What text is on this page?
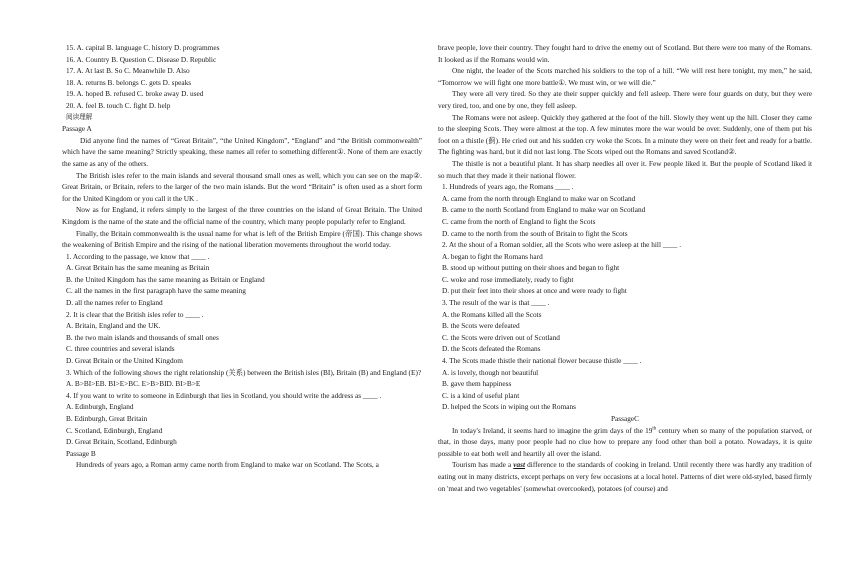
15. A. capital B. language C. history D. programmes

16. A. Country B. Question C. Disease D. Republic

17. A. At last B. So C. Meanwhile D. Also

18. A. returns B. belongs C. gets D. speaks

19. A. hoped B. refused C. broke away D. used

20. A. feel B. touch C. fight D. help

阅读理解

Passage A

Did anyone find the names of “Great Britain”, “the United Kingdom”, “England” and “the British commonwealth” which have the same meaning? Strictly speaking, these names all refer to something different①. None of them are exactly the same as any of the others.

The British isles refer to the main islands and several thousand small ones as well, which you can see on the map②. Great Britain, or Britain, refers to the larger of the two main islands. But the word “Britain” is often used as a short form for the United Kingdom or you call it the UK .

Now as for England, it refers simply to the largest of the three countries on the island of Great Britain. The United Kingdom is the name of the state and the official name of the country, which many people popularly refer to England.

Finally, the Britain commonwealth is the usual name for what is left of the British Empire (帝国). This change shows the weakening of British Empire and the rising of the national liberation movements throughout the world today.

1. According to the passage, we know that ____ .

A. Great Britain has the same meaning as Britain

B. the United Kingdom has the same meaning as Britain or England

C. all the names in the first paragraph have the same meaning

D. all the names refer to England

2. It is clear that the British isles refer to ____ .

A. Britain, England and the UK.

B. the two main islands and thousands of small ones

C. three countries and several islands

D. Great Britain or the United Kingdom

3. Which of the following shows the right relationship (关系) between the British isles (BI), Britain (B) and England (E)?

A. B>BI>EB. BI>E>BC. E>B>BID. BI>B>E

4. If you want to write to someone in Edinburgh that lies in Scotland, you should write the address as ____ .

A. Edinburgh, England

B. Edinburgh, Great Britain

C. Scotland, Edinburgh, England

D. Great Britain, Scotland, Edinburgh

Passage B

Hundreds of years ago, a Roman army came north from England to make war on Scotland. The Scots, a

brave people, love their country. They fought hard to drive the enemy out of Scotland. But there were too many of the Romans. It looked as if the Romans would win.

One night, the leader of the Scots marched his soldiers to the top of a hill. “We will rest here tonight, my men,” he said, “Tomorrow we will fight one more battle①. We must win, or we will die.”

They were all very tired. So they ate their supper quickly and fell asleep. There were four guards on duty, but they were very tired, too, and one by one, they fell asleep.

The Romans were not asleep. Quickly they gathered at the foot of the hill. Slowly they went up the hill. Closer they came to the sleeping Scots. They were almost at the top. A few minutes more the war would be over. Suddenly, one of them put his foot on a thistle (蓟). He cried out and his sudden cry woke the Scots. In a minute they were on their feet and ready for a battle. The fighting was hard, but it did not last long. The Scots wiped out the Romans and saved Scotland②.

The thistle is not a beautiful plant. It has sharp needles all over it. Few people liked it. But the people of Scotland liked it so much that they made it their national flower.

1. Hundreds of years ago, the Romans ____ .

A. came from the north through England to make war on Scotland

B. came to the north Scotland from England to make war on Scotland

C. came from the north of England to fight the Scots

D. came to the north from the south of Britain to fight the Scots

2. At the shout of a Roman soldier, all the Scots who were asleep at the hill ____ .

A. began to fight the Romans hard

B. stood up without putting on their shoes and began to fight

C. woke and rose immediately, ready to fight

D. put their feet into their shoes at once and were ready to fight

3. The result of the war is that ____ .

A. the Romans killed all the Scots

B. the Scots were defeated

C. the Scots were driven out of Scotland

D. the Scots defeated the Romans

4. The Scots made thistle their national flower because thistle ____ .

A. is lovely, though not beautiful

B. gave them happiness

C. is a kind of useful plant

D. helped the Scots in wiping out the Romans

PassageC

In today's Ireland, it seems hard to imagine the grim days of the 19th century when so many of the population starved, or that, in those days, many poor people had no clue how to prepare any food other than boil a potato. Nowadays, it is quite possible to eat both well and heartily all over the island.

Tourism has made a vast difference to the standards of cooking in Ireland. Until recently there was hardly any tradition of eating out in many districts, except perhaps on very few occasions at a local hotel. Patterns of diet were old-styled, based firmly on 'meat and two vegetables' (somewhat overcooked), potatoes (of course) and
